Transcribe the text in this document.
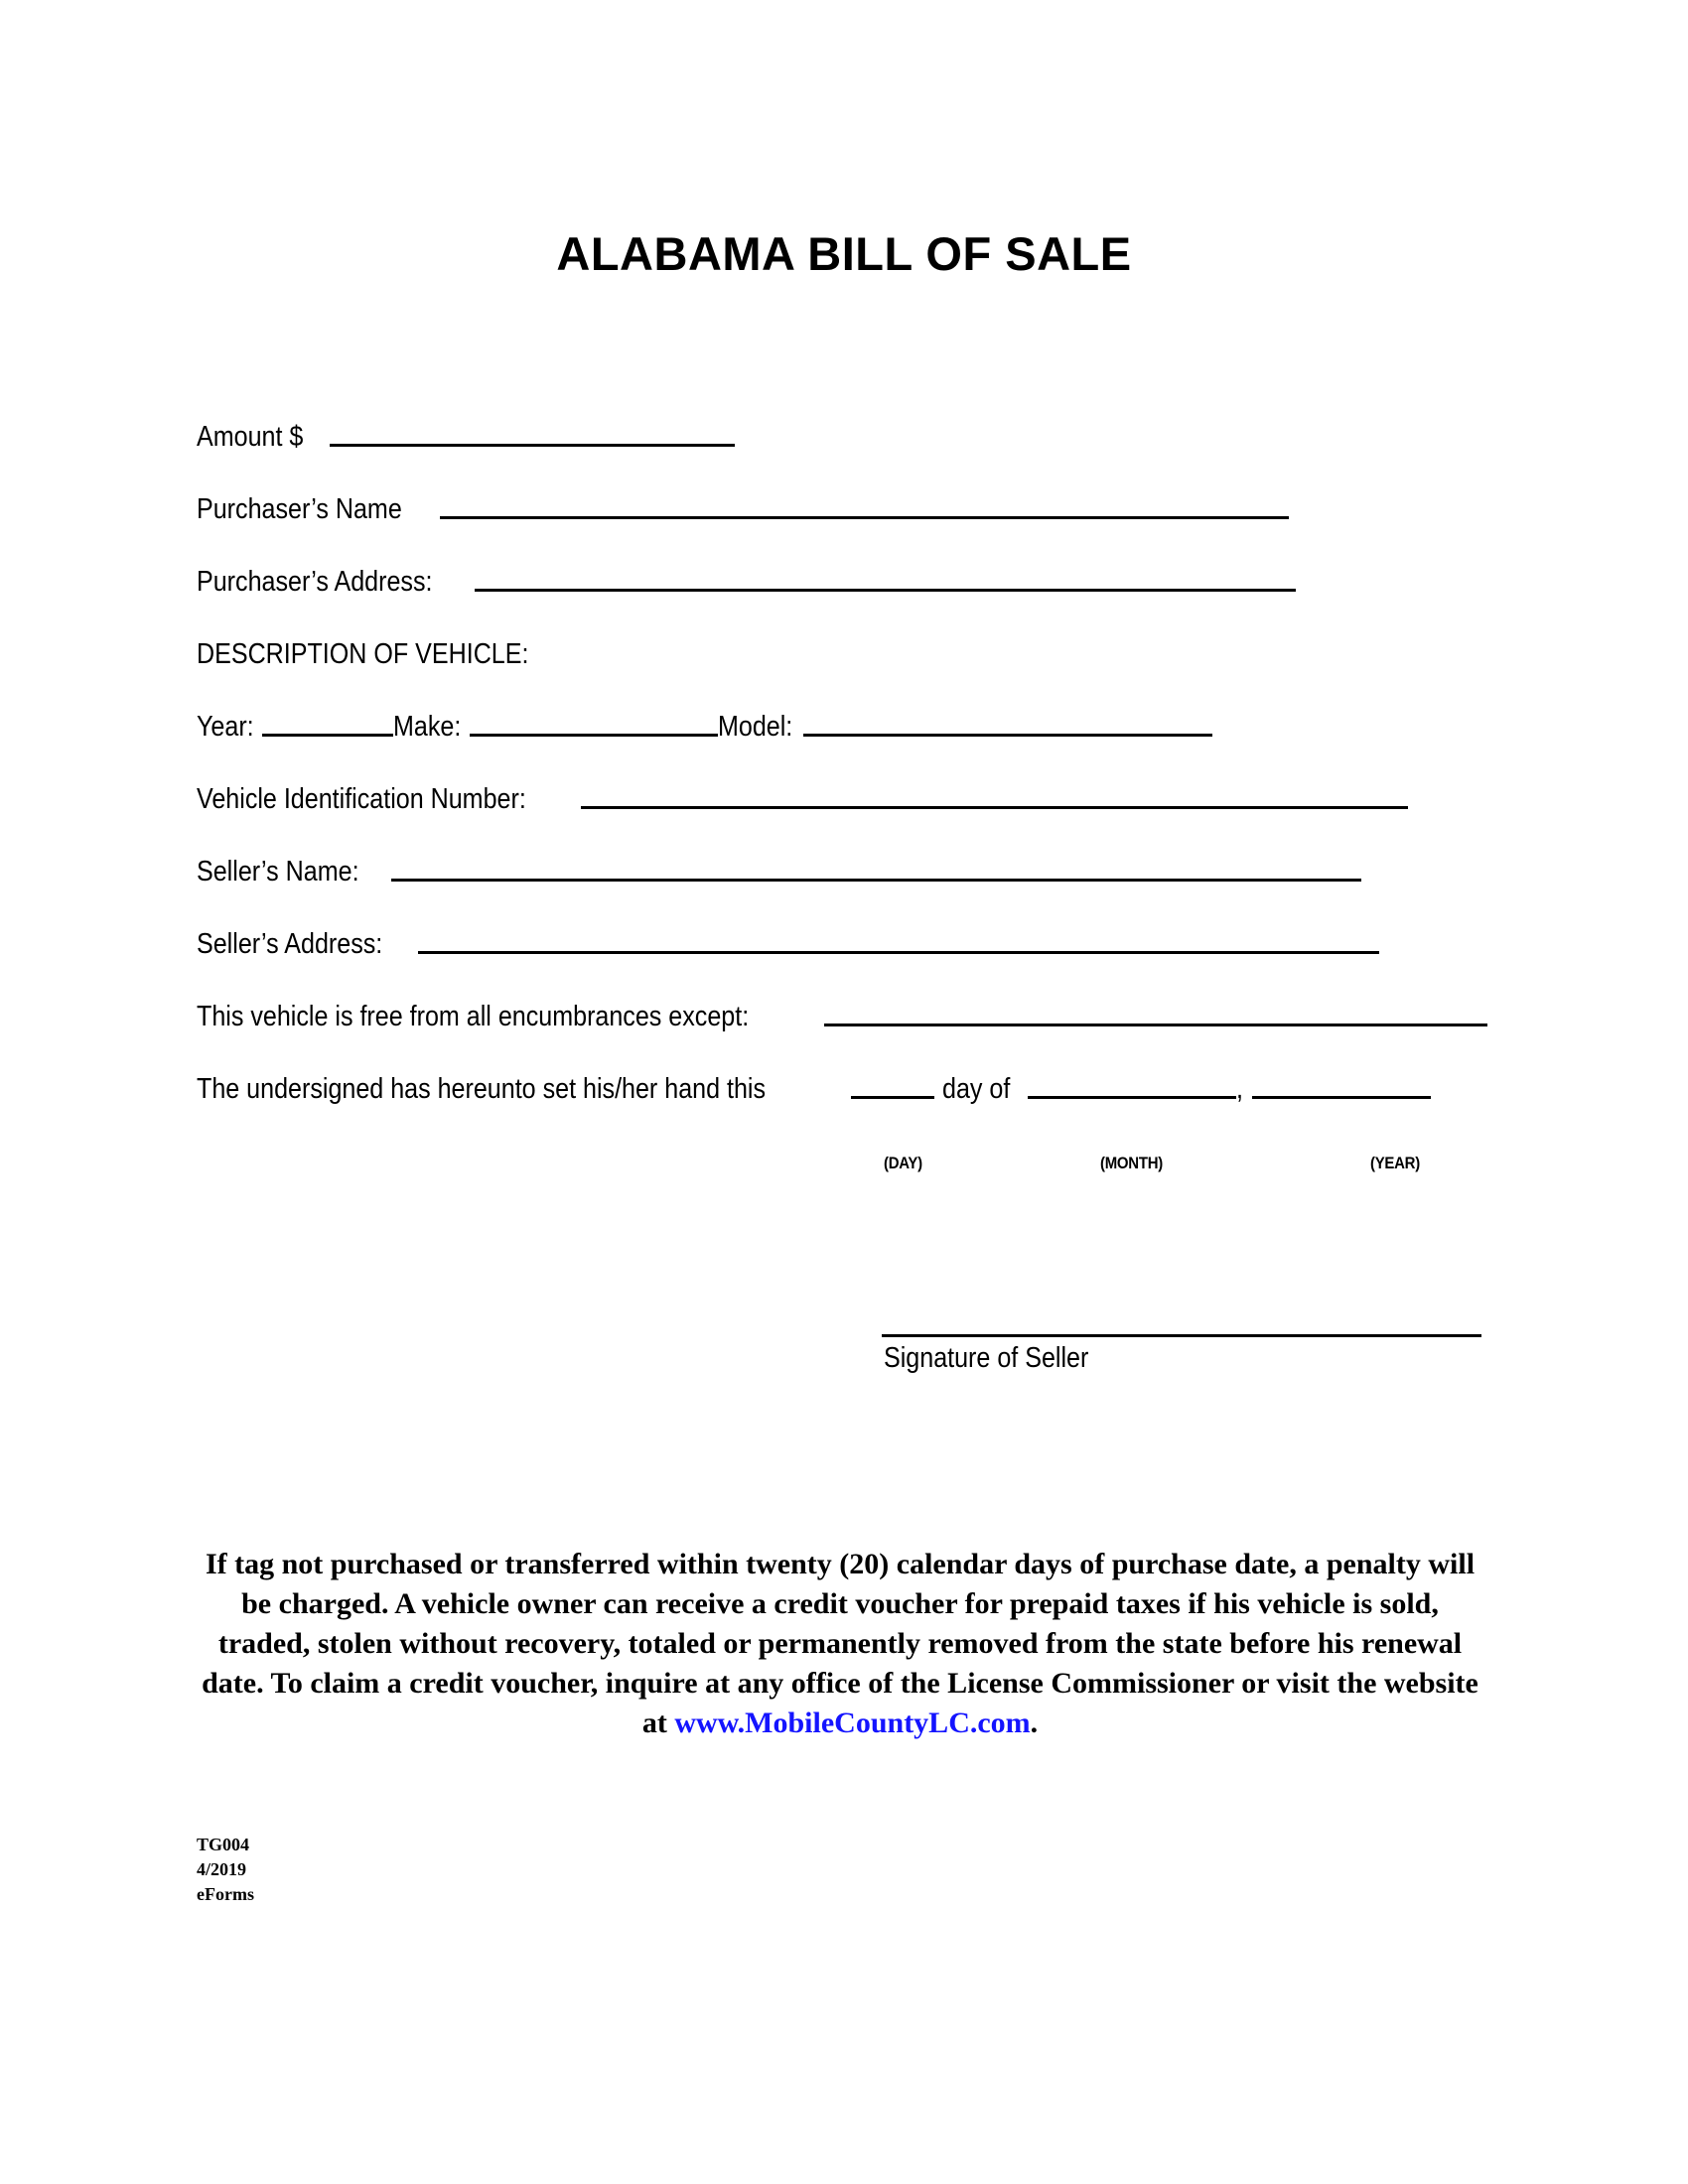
ALABAMA BILL OF SALE
Amount $
Purchaser’s Name
Purchaser’s Address:
DESCRIPTION OF VEHICLE:
Year:	Make:	Model:
Vehicle Identification Number:
Seller’s Name:
Seller’s Address:
This vehicle is free from all encumbrances except:
The undersigned has hereunto set his/her hand this	day of	,
(DAY)	(MONTH)	(YEAR)
Signature of Seller
If tag not purchased or transferred within twenty (20) calendar days of purchase date, a penalty will be charged. A vehicle owner can receive a credit voucher for prepaid taxes if his vehicle is sold, traded, stolen without recovery, totaled or permanently removed from the state before his renewal date. To claim a credit voucher, inquire at any office of the License Commissioner or visit the website at www.MobileCountyLC.com.
TG004
4/2019
eForms
